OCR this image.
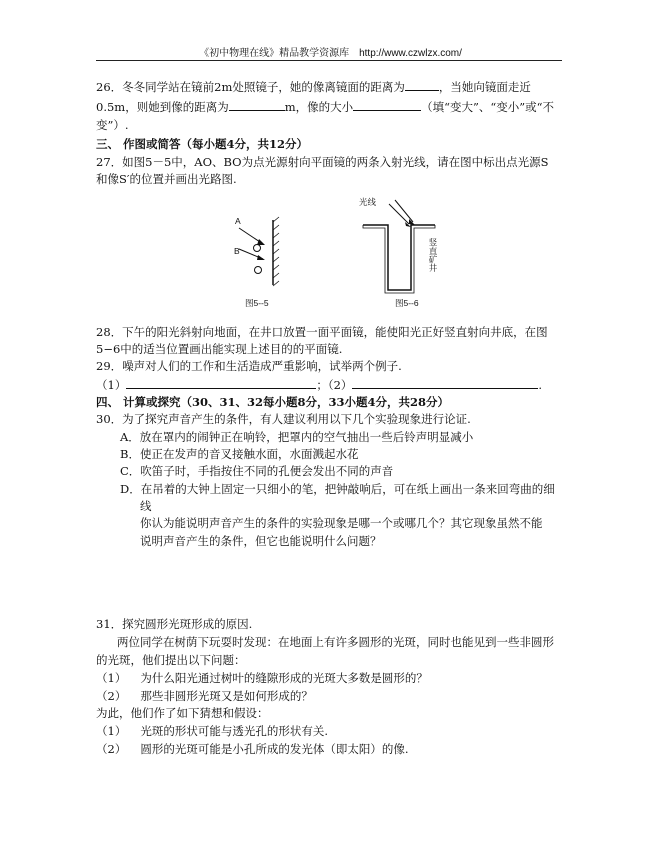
《初中物理在线》精品教学资源库 http://www.czwlzx.com/
26．冬冬同学站在镜前2m处照镜子，她的像离镜面的距离为	，当她向镜面走近
0.5m，则她到像的距离为	m，像的大小	（填“变大”、“变小”或“不
变”）.
三、 作图或简答（每小题4分，共12分）
27．如图5－5中，AO、BO为点光源射向平面镜的两条入射光线，请在图中标出点光源S
和像S′的位置并画出光路图.
A
B
图5--5
光线
竖直矿井
图5--6
28．下午的阳光斜射向地面，在井口放置一面平面镜，能使阳光正好竖直射向井底，在图
5−6中的适当位置画出能实现上述目的的平面镜.
29．噪声对人们的工作和生活造成严重影响，试举两个例子.
（1）	；（2）	.
四、 计算或探究（30、31、32每小题8分，33小题4分，共28分）
30．为了探究声音产生的条件，有人建议利用以下几个实验现象进行论证.
A．放在罩内的闹钟正在响铃，把罩内的空气抽出一些后铃声明显减小
B．使正在发声的音叉接触水面，水面溅起水花
C．吹笛子时，手指按住不同的孔便会发出不同的声音
D．在吊着的大钟上固定一只细小的笔，把钟敲响后，可在纸上画出一条来回弯曲的细
线
你认为能说明声音产生的条件的实验现象是哪一个或哪几个？其它现象虽然不能
说明声音产生的条件，但它也能说明什么问题？
31．探究圆形光斑形成的原因.
两位同学在树荫下玩耍时发现：在地面上有许多圆形的光斑，同时也能见到一些非圆形
的光斑，他们提出以下问题：
（1） 为什么阳光通过树叶的缝隙形成的光斑大多数是圆形的？
（2） 那些非圆形光斑又是如何形成的？
为此，他们作了如下猜想和假设：
（1） 光斑的形状可能与透光孔的形状有关.
（2） 圆形的光斑可能是小孔所成的发光体（即太阳）的像.
